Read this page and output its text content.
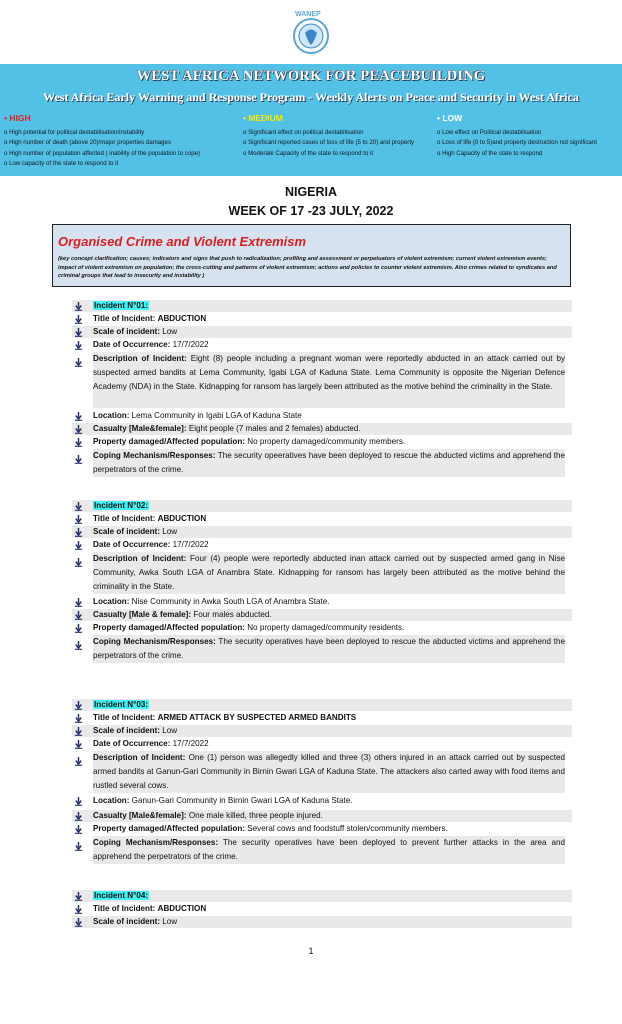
WANEP
WEST AFRICA NETWORK FOR PEACEBUILDING
West Africa Early Warning and Response Program - Weekly Alerts on Peace and Security in West Africa
• HIGH	• MEDIUM	• LOW
o High potential for political destabilisation/instability
o High number of death (above 20)/major properties damages
o High number of population affected ( inability of the population to cope)
o Low capacity of the state to respond to it
o Significant effect on political destabilisation
o Significant reported cases of loss of life (5 to 20) and property
o Moderate Capacity of the state to respond to it
o Low effect on Political destabilisation
o Loss of life (0 to 5)and property destruction not significant
o High Capacity of the state to respond
NIGERIA
WEEK OF 17 -23 JULY, 2022
Organised Crime and Violent Extremism
(key concept clarification; causes; indicators and signs that push to radicalization; profiling and assessment or perpetuators of violent extremism; current violent extremism events; impact of violent extremism on population; the cross-cutting and patterns of violent extremism; actions and policies to counter violent extremism. Also crimes related to syndicates and criminal groups that lead to insecurity and instability )
Incident N°01:
Title of Incident: ABDUCTION
Scale of incident: Low
Date of Occurrence: 17/7/2022
Description of Incident: Eight (8) people including a pregnant woman were reportedly abducted in an attack carried out by suspected armed bandits at Lema Community, Igabi LGA of Kaduna State. Lema Community is opposite the Nigerian Defence Academy (NDA) in the State. Kidnapping for ransom has largely been attributed as the motive behind the criminality in the State.
Location: Lema Community in Igabi LGA of Kaduna State
Casualty [Male&female]: Eight people (7 males and 2 females) abducted.
Property damaged/Affected population: No property damaged/community members.
Coping Mechanism/Responses: The security opeeratives have been deployed to rescue the abducted victims and apprehend the perpetrators of the crime.
Incident N°02:
Title of Incident: ABDUCTION
Scale of incident: Low
Date of Occurrence: 17/7/2022
Description of Incident: Four (4) people were reportedly abducted inan attack carried out by suspected armed gang in Nise Community, Awka South LGA of Anambra State. Kidnapping for ransom has largely been attributed as the motive behind the criminality in the State.
Location: Nise Community in Awka South LGA of Anambra State.
Casualty [Male & female]: Four males abducted.
Property damaged/Affected population: No property damaged/community residents.
Coping Mechanism/Responses: The security operatives have been deployed to rescue the abducted victims and apprehend the perpetrators of the crime.
Incident N°03:
Title of Incident: ARMED ATTACK BY SUSPECTED ARMED BANDITS
Scale of incident: Low
Date of Occurrence: 17/7/2022
Description of Incident: One (1) person was allegedly killed and three (3) others injured in an attack carried out by suspected armed bandits at Ganun-Gari Community in Birnin Gwari LGA of Kaduna State. The attackers also carted away with food items and rustled several cows.
Location: Ganun-Gari Community in Birnin Gwari LGA of Kaduna State.
Casualty [Male&female]: One male killed, three people injured.
Property damaged/Affected population: Several cows and foodstuff stolen/community members.
Coping Mechanism/Responses: The security operatives have been deployed to prevent further attacks in the area and apprehend the perpetrators of the crime.
Incident N°04:
Title of Incident: ABDUCTION
Scale of incident: Low
1
